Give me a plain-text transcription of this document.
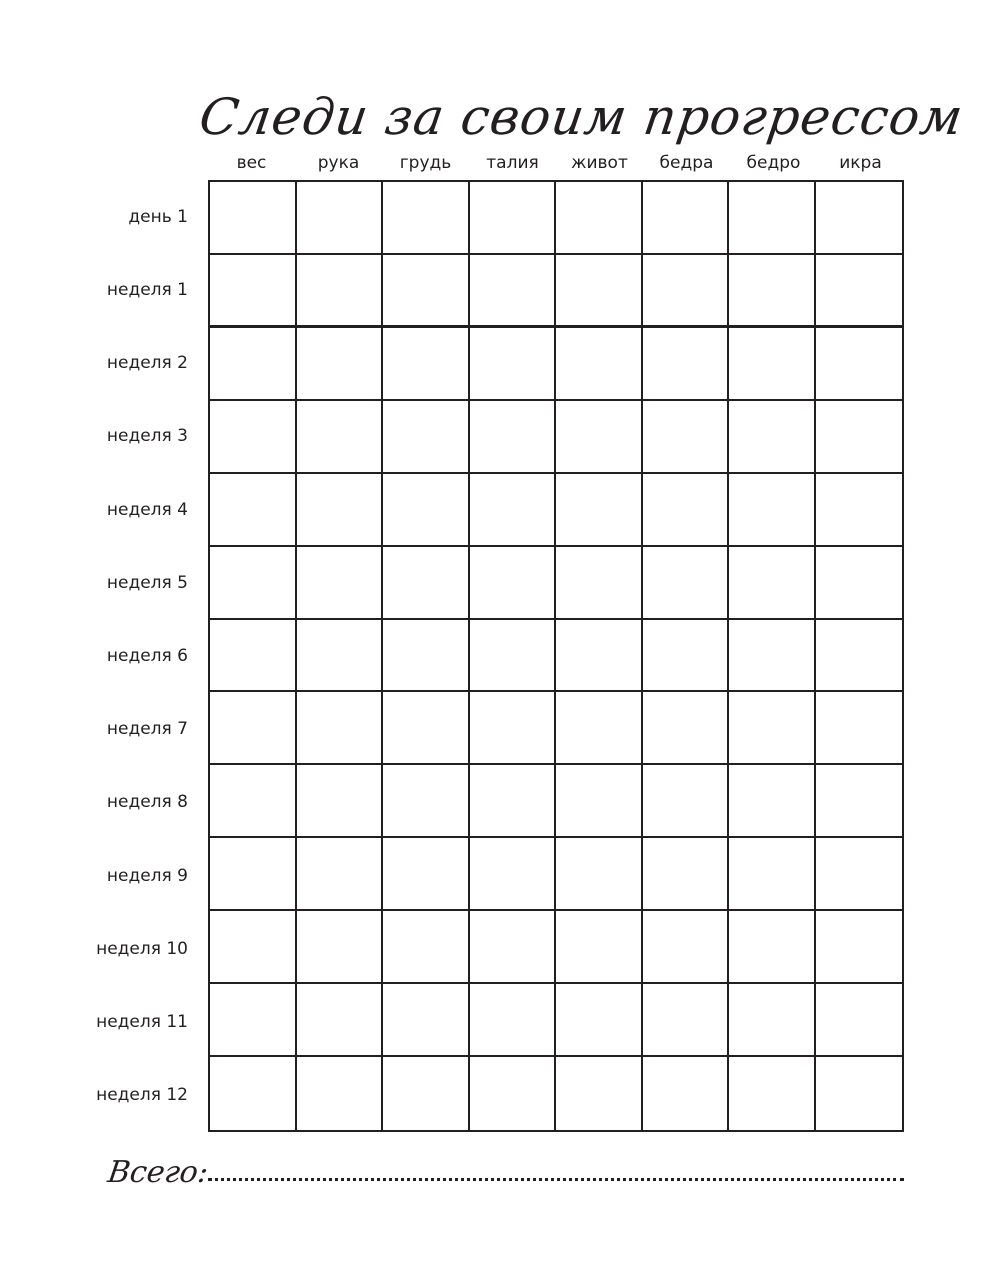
Следи за своим прогрессом
вес	рука	грудь	талия	живот	бедра	бедро	икра
день 1
неделя 1
неделя 2
неделя 3
неделя 4
неделя 5
неделя 6
неделя 7
неделя 8
неделя 9
неделя 10
неделя 11
неделя 12
Всего:
